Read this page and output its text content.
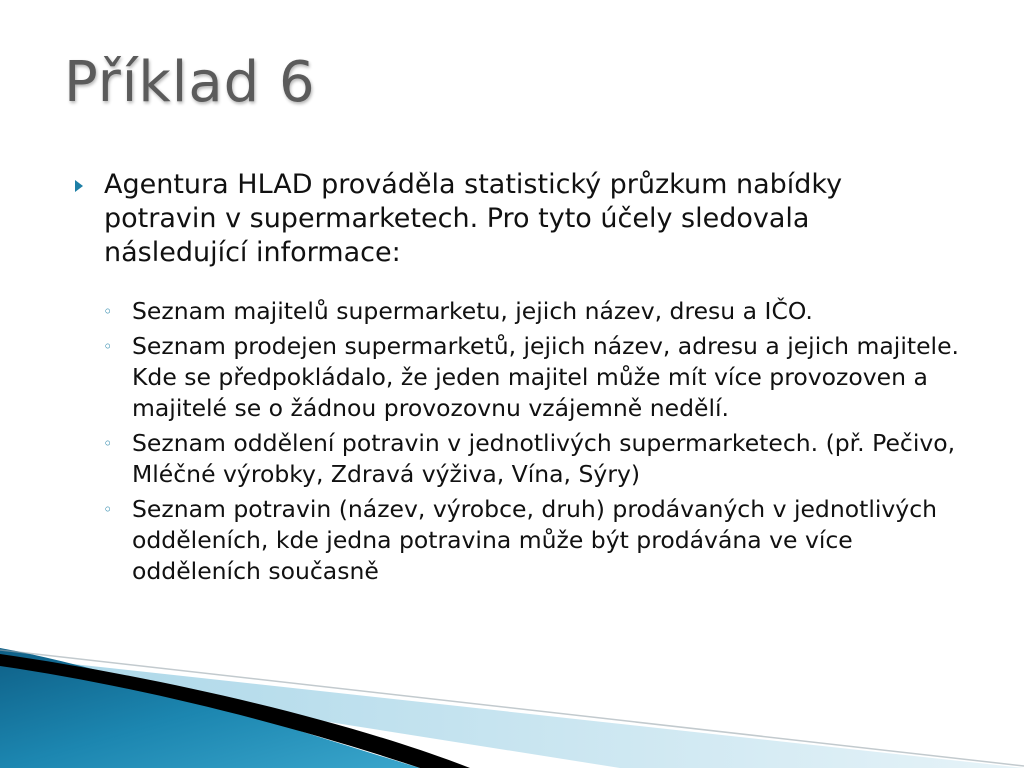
Příklad 6
Agentura HLAD prováděla statistický průzkum nabídky potravin v supermarketech. Pro tyto účely sledovala následující informace:
◦ Seznam majitelů supermarketu, jejich název, dresu a IČO.
◦ Seznam prodejen supermarketů, jejich název, adresu a jejich majitele. Kde se předpokládalo, že jeden majitel může mít více provozoven a majitelé se o žádnou provozovnu vzájemně nedělí.
◦ Seznam oddělení potravin v jednotlivých supermarketech. (př. Pečivo, Mléčné výrobky, Zdravá výživa, Vína, Sýry)
◦ Seznam potravin (název, výrobce, druh) prodávaných v jednotlivých odděleních, kde jedna potravina může být prodávána ve více odděleních současně
